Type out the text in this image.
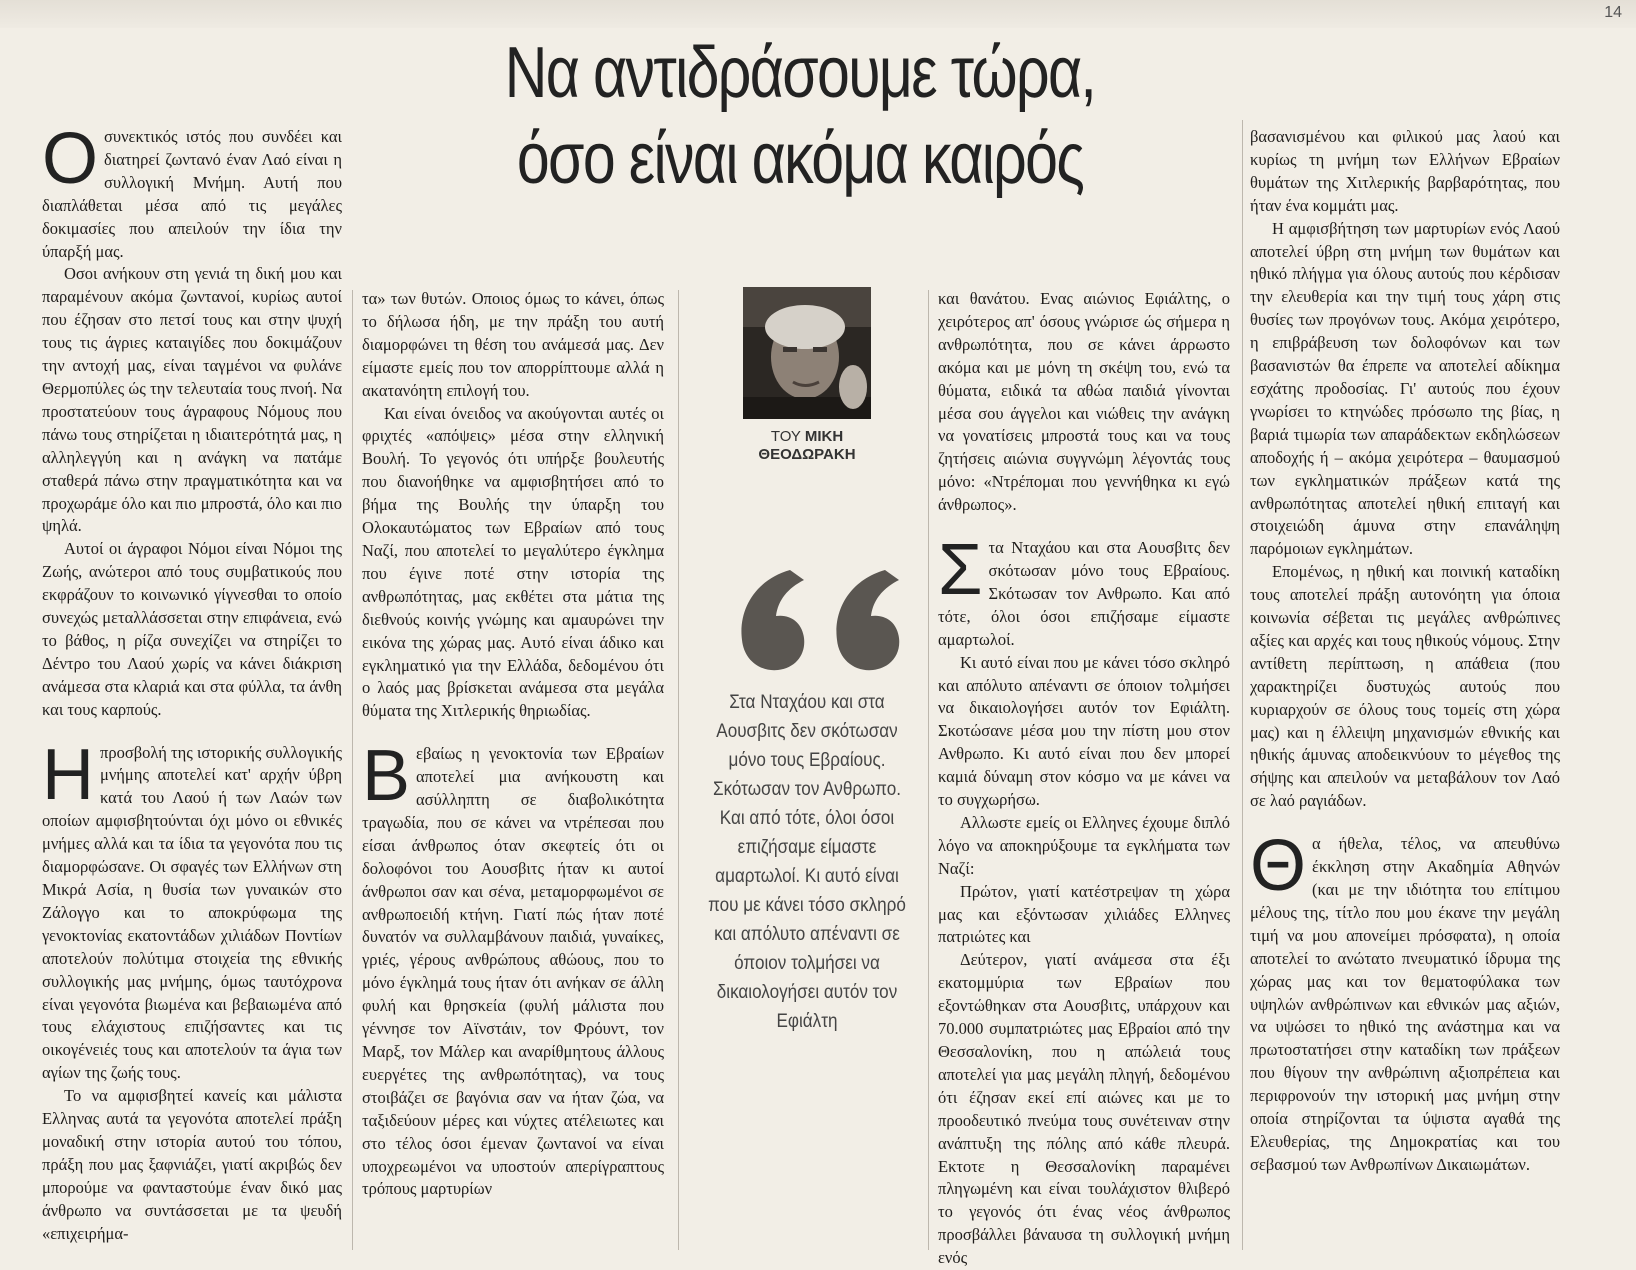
14
Να αντιδράσουμε τώρα,
όσο είναι ακόμα καιρός

Οσυνεκτικός ιστός που συνδέει και διατηρεί ζωντανό έναν Λαό είναι η συλλογική Μνήμη. Αυτή που διαπλάθεται μέσα από τις μεγάλες δοκιμασίες που απειλούν την ίδια την ύπαρξή μας.

Οσοι ανήκουν στη γενιά τη δική μου και παραμένουν ακόμα ζωντανοί, κυρίως αυτοί που έζησαν στο πετσί τους και στην ψυχή τους τις άγριες καταιγίδες που δοκιμάζουν την αντοχή μας, είναι ταγμένοι να φυλάνε Θερμοπύλες ώς την τελευταία τους πνοή. Να προστατεύουν τους άγραφους Νόμους που πάνω τους στηρίζεται η ιδιαιτερότητά μας, η αλληλεγγύη και η ανάγκη να πατάμε σταθερά πάνω στην πραγματικότητα και να προχωράμε όλο και πιο μπροστά, όλο και πιο ψηλά.

Αυτοί οι άγραφοι Νόμοι είναι Νόμοι της Ζωής, ανώτεροι από τους συμβατικούς που εκφράζουν το κοινωνικό γίγνεσθαι το οποίο συνεχώς μεταλλάσσεται στην επιφάνεια, ενώ το βάθος, η ρίζα συνεχίζει να στηρίζει το Δέντρο του Λαού χωρίς να κάνει διάκριση ανάμεσα στα κλαριά και στα φύλλα, τα άνθη και τους καρπούς.

Ηπροσβολή της ιστορικής συλλογικής μνήμης αποτελεί κατ' αρχήν ύβρη κατά του Λαού ή των Λαών των οποίων αμφισβητούνται όχι μόνο οι εθνικές μνήμες αλλά και τα ίδια τα γεγονότα που τις διαμορφώσανε. Οι σφαγές των Ελλήνων στη Μικρά Ασία, η θυσία των γυναικών στο Ζάλογγο και το αποκρύφωμα της γενοκτονίας εκατοντάδων χιλιάδων Ποντίων αποτελούν πολύτιμα στοιχεία της εθνικής συλλογικής μας μνήμης, όμως ταυτόχρονα είναι γεγονότα βιωμένα και βεβαιωμένα από τους ελάχιστους επιζήσαντες και τις οικογένειές τους και αποτελούν τα άγια των αγίων της ζωής τους.

Το να αμφισβητεί κανείς και μάλιστα Ελληνας αυτά τα γεγονότα αποτελεί πράξη μοναδική στην ιστορία αυτού του τόπου, πράξη που μας ξαφνιάζει, γιατί ακριβώς δεν μπορούμε να φανταστούμε έναν δικό μας άνθρωπο να συντάσσεται με τα ψευδή «επιχειρήμα-

τα» των θυτών. Οποιος όμως το κάνει, όπως το δήλωσα ήδη, με την πράξη του αυτή διαμορφώνει τη θέση του ανάμεσά μας. Δεν είμαστε εμείς που τον απορρίπτουμε αλλά η ακατανόητη επιλογή του.

Και είναι όνειδος να ακούγονται αυτές οι φριχτές «απόψεις» μέσα στην ελληνική Βουλή. Το γεγονός ότι υπήρξε βουλευτής που διανοήθηκε να αμφισβητήσει από το βήμα της Βουλής την ύπαρξη του Ολοκαυτώματος των Εβραίων από τους Ναζί, που αποτελεί το μεγαλύτερο έγκλημα που έγινε ποτέ στην ιστορία της ανθρωπότητας, μας εκθέτει στα μάτια της διεθνούς κοινής γνώμης και αμαυρώνει την εικόνα της χώρας μας. Αυτό είναι άδικο και εγκληματικό για την Ελλάδα, δεδομένου ότι ο λαός μας βρίσκεται ανάμεσα στα μεγάλα θύματα της Χιτλερικής θηριωδίας.

Βεβαίως η γενοκτονία των Εβραίων αποτελεί μια ανήκουστη και ασύλληπτη σε διαβολικότητα τραγωδία, που σε κάνει να ντρέπεσαι που είσαι άνθρωπος όταν σκεφτείς ότι οι δολοφόνοι του Αουσβιτς ήταν κι αυτοί άνθρωποι σαν και σένα, μεταμορφωμένοι σε ανθρωποειδή κτήνη. Γιατί πώς ήταν ποτέ δυνατόν να συλλαμβάνουν παιδιά, γυναίκες, γριές, γέρους ανθρώπους αθώους, που το μόνο έγκλημά τους ήταν ότι ανήκαν σε άλλη φυλή και θρησκεία (φυλή μάλιστα που γέννησε τον Αϊνστάιν, τον Φρόυντ, τον Μαρξ, τον Μάλερ και αναρίθμητους άλλους ευεργέτες της ανθρωπότητας), να τους στοιβάζει σε βαγόνια σαν να ήταν ζώα, να ταξιδεύουν μέρες και νύχτες ατέλειωτες και στο τέλος όσοι έμεναν ζωντανοί να είναι υποχρεωμένοι να υποστούν απερίγραπτους τρόπους μαρτυρίων

ΤΟΥ ΜΙΚΗ
ΘΕΟΔΩΡΑΚΗ
Στα Νταχάου και στα Αουσβιτς δεν σκότωσαν μόνο τους Εβραίους. Σκότωσαν τον Ανθρωπο. Και από τότε, όλοι όσοι επιζήσαμε είμαστε αμαρτωλοί. Κι αυτό είναι που με κάνει τόσο σκληρό και απόλυτο απέναντι σε όποιον τολμήσει να δικαιολογήσει αυτόν τον Εφιάλτη

και θανάτου. Ενας αιώνιος Εφιάλτης, ο χειρότερος απ' όσους γνώρισε ώς σήμερα η ανθρωπότητα, που σε κάνει άρρωστο ακόμα και με μόνη τη σκέψη του, ενώ τα θύματα, ειδικά τα αθώα παιδιά γίνονται μέσα σου άγγελοι και νιώθεις την ανάγκη να γονατίσεις μπροστά τους και να τους ζητήσεις αιώνια συγγνώμη λέγοντάς τους μόνο: «Ντρέπομαι που γεννήθηκα κι εγώ άνθρωπος».

Στα Νταχάου και στα Αουσβιτς δεν σκότωσαν μόνο τους Εβραίους. Σκότωσαν τον Ανθρωπο. Και από τότε, όλοι όσοι επιζήσαμε είμαστε αμαρτωλοί.

Κι αυτό είναι που με κάνει τόσο σκληρό και απόλυτο απέναντι σε όποιον τολμήσει να δικαιολογήσει αυτόν τον Εφιάλτη. Σκοτώσανε μέσα μου την πίστη μου στον Ανθρωπο. Κι αυτό είναι που δεν μπορεί καμιά δύναμη στον κόσμο να με κάνει να το συγχωρήσω.

Αλλωστε εμείς οι Ελληνες έχουμε διπλό λόγο να αποκηρύξουμε τα εγκλήματα των Ναζί:

Πρώτον, γιατί κατέστρεψαν τη χώρα μας και εξόντωσαν χιλιάδες Ελληνες πατριώτες και

Δεύτερον, γιατί ανάμεσα στα έξι εκατομμύρια των Εβραίων που εξοντώθηκαν στα Αουσβιτς, υπάρχουν και 70.000 συμπατριώτες μας Εβραίοι από την Θεσσαλονίκη, που η απώλειά τους αποτελεί για μας μεγάλη πληγή, δεδομένου ότι έζησαν εκεί επί αιώνες και με το προοδευτικό πνεύμα τους συνέτειναν στην ανάπτυξη της πόλης από κάθε πλευρά. Εκτοτε η Θεσσαλονίκη παραμένει πληγωμένη και είναι τουλάχιστον θλιβερό το γεγονός ότι ένας νέος άνθρωπος προσβάλλει βάναυσα τη συλλογική μνήμη ενός

βασανισμένου και φιλικού μας λαού και κυρίως τη μνήμη των Ελλήνων Εβραίων θυμάτων της Χιτλερικής βαρβαρότητας, που ήταν ένα κομμάτι μας.

Η αμφισβήτηση των μαρτυρίων ενός Λαού αποτελεί ύβρη στη μνήμη των θυμάτων και ηθικό πλήγμα για όλους αυτούς που κέρδισαν την ελευθερία και την τιμή τους χάρη στις θυσίες των προγόνων τους. Ακόμα χειρότερο, η επιβράβευση των δολοφόνων και των βασανιστών θα έπρεπε να αποτελεί αδίκημα εσχάτης προδοσίας. Γι' αυτούς που έχουν γνωρίσει το κτηνώδες πρόσωπο της βίας, η βαριά τιμωρία των απαράδεκτων εκδηλώσεων αποδοχής ή – ακόμα χειρότερα – θαυμασμού των εγκληματικών πράξεων κατά της ανθρωπότητας αποτελεί ηθική επιταγή και στοιχειώδη άμυνα στην επανάληψη παρόμοιων εγκλημάτων.

Επομένως, η ηθική και ποινική καταδίκη τους αποτελεί πράξη αυτονόητη για όποια κοινωνία σέβεται τις μεγάλες ανθρώπινες αξίες και αρχές και τους ηθικούς νόμους. Στην αντίθετη περίπτωση, η απάθεια (που χαρακτηρίζει δυστυχώς αυτούς που κυριαρχούν σε όλους τους τομείς στη χώρα μας) και η έλλειψη μηχανισμών εθνικής και ηθικής άμυνας αποδεικνύουν το μέγεθος της σήψης και απειλούν να μεταβάλουν τον Λαό σε λαό ραγιάδων.

Θα ήθελα, τέλος, να απευθύνω έκκληση στην Ακαδημία Αθηνών (και με την ιδιότητα του επίτιμου μέλους της, τίτλο που μου έκανε την μεγάλη τιμή να μου απονείμει πρόσφατα), η οποία αποτελεί το ανώτατο πνευματικό ίδρυμα της χώρας μας και τον θεματοφύλακα των υψηλών ανθρώπινων και εθνικών μας αξιών, να υψώσει το ηθικό της ανάστημα και να πρωτοστατήσει στην καταδίκη των πράξεων που θίγουν την ανθρώπινη αξιοπρέπεια και περιφρονούν την ιστορική μας μνήμη στην οποία στηρίζονται τα ύψιστα αγαθά της Ελευθερίας, της Δημοκρατίας και του σεβασμού των Ανθρωπίνων Δικαιωμάτων.
